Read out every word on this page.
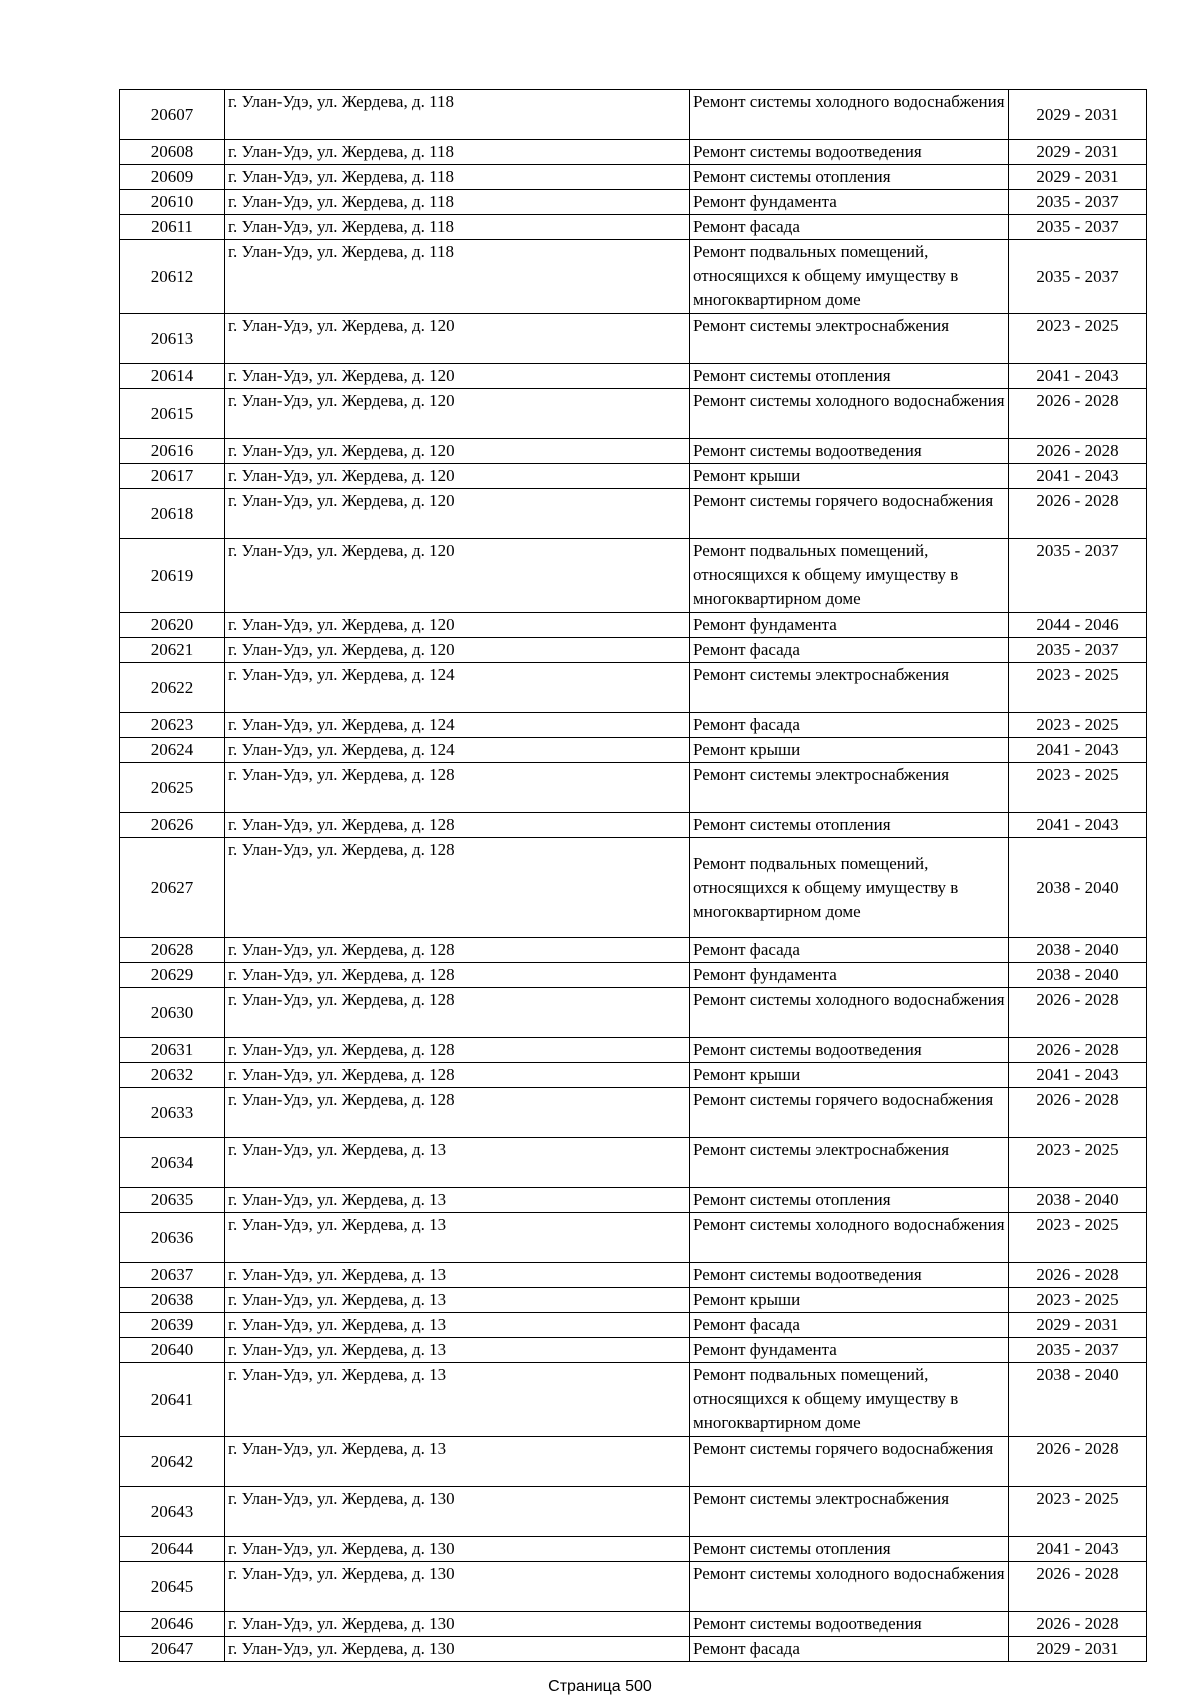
20607	г. Улан-Удэ, ул. Жердева, д. 118	Ремонт системы холодного водоснабжения	2029 - 2031
20608	г. Улан-Удэ, ул. Жердева, д. 118	Ремонт системы водоотведения	2029 - 2031
20609	г. Улан-Удэ, ул. Жердева, д. 118	Ремонт системы отопления	2029 - 2031
20610	г. Улан-Удэ, ул. Жердева, д. 118	Ремонт фундамента	2035 - 2037
20611	г. Улан-Удэ, ул. Жердева, д. 118	Ремонт фасада	2035 - 2037
20612	г. Улан-Удэ, ул. Жердева, д. 118	Ремонт подвальных помещений, относящихся к общему имуществу в многоквартирном доме	2035 - 2037
20613	г. Улан-Удэ, ул. Жердева, д. 120	Ремонт системы электроснабжения	2023 - 2025
20614	г. Улан-Удэ, ул. Жердева, д. 120	Ремонт системы отопления	2041 - 2043
20615	г. Улан-Удэ, ул. Жердева, д. 120	Ремонт системы холодного водоснабжения	2026 - 2028
20616	г. Улан-Удэ, ул. Жердева, д. 120	Ремонт системы водоотведения	2026 - 2028
20617	г. Улан-Удэ, ул. Жердева, д. 120	Ремонт крыши	2041 - 2043
20618	г. Улан-Удэ, ул. Жердева, д. 120	Ремонт системы горячего водоснабжения	2026 - 2028
20619	г. Улан-Удэ, ул. Жердева, д. 120	Ремонт подвальных помещений, относящихся к общему имуществу в многоквартирном доме	2035 - 2037
20620	г. Улан-Удэ, ул. Жердева, д. 120	Ремонт фундамента	2044 - 2046
20621	г. Улан-Удэ, ул. Жердева, д. 120	Ремонт фасада	2035 - 2037
20622	г. Улан-Удэ, ул. Жердева, д. 124	Ремонт системы электроснабжения	2023 - 2025
20623	г. Улан-Удэ, ул. Жердева, д. 124	Ремонт фасада	2023 - 2025
20624	г. Улан-Удэ, ул. Жердева, д. 124	Ремонт крыши	2041 - 2043
20625	г. Улан-Удэ, ул. Жердева, д. 128	Ремонт системы электроснабжения	2023 - 2025
20626	г. Улан-Удэ, ул. Жердева, д. 128	Ремонт системы отопления	2041 - 2043
20627	г. Улан-Удэ, ул. Жердева, д. 128	Ремонт подвальных помещений, относящихся к общему имуществу в многоквартирном доме	2038 - 2040
20628	г. Улан-Удэ, ул. Жердева, д. 128	Ремонт фасада	2038 - 2040
20629	г. Улан-Удэ, ул. Жердева, д. 128	Ремонт фундамента	2038 - 2040
20630	г. Улан-Удэ, ул. Жердева, д. 128	Ремонт системы холодного водоснабжения	2026 - 2028
20631	г. Улан-Удэ, ул. Жердева, д. 128	Ремонт системы водоотведения	2026 - 2028
20632	г. Улан-Удэ, ул. Жердева, д. 128	Ремонт крыши	2041 - 2043
20633	г. Улан-Удэ, ул. Жердева, д. 128	Ремонт системы горячего водоснабжения	2026 - 2028
20634	г. Улан-Удэ, ул. Жердева, д. 13	Ремонт системы электроснабжения	2023 - 2025
20635	г. Улан-Удэ, ул. Жердева, д. 13	Ремонт системы отопления	2038 - 2040
20636	г. Улан-Удэ, ул. Жердева, д. 13	Ремонт системы холодного водоснабжения	2023 - 2025
20637	г. Улан-Удэ, ул. Жердева, д. 13	Ремонт системы водоотведения	2026 - 2028
20638	г. Улан-Удэ, ул. Жердева, д. 13	Ремонт крыши	2023 - 2025
20639	г. Улан-Удэ, ул. Жердева, д. 13	Ремонт фасада	2029 - 2031
20640	г. Улан-Удэ, ул. Жердева, д. 13	Ремонт фундамента	2035 - 2037
20641	г. Улан-Удэ, ул. Жердева, д. 13	Ремонт подвальных помещений, относящихся к общему имуществу в многоквартирном доме	2038 - 2040
20642	г. Улан-Удэ, ул. Жердева, д. 13	Ремонт системы горячего водоснабжения	2026 - 2028
20643	г. Улан-Удэ, ул. Жердева, д. 130	Ремонт системы электроснабжения	2023 - 2025
20644	г. Улан-Удэ, ул. Жердева, д. 130	Ремонт системы отопления	2041 - 2043
20645	г. Улан-Удэ, ул. Жердева, д. 130	Ремонт системы холодного водоснабжения	2026 - 2028
20646	г. Улан-Удэ, ул. Жердева, д. 130	Ремонт системы водоотведения	2026 - 2028
20647	г. Улан-Удэ, ул. Жердева, д. 130	Ремонт фасада	2029 - 2031
Страница 500
